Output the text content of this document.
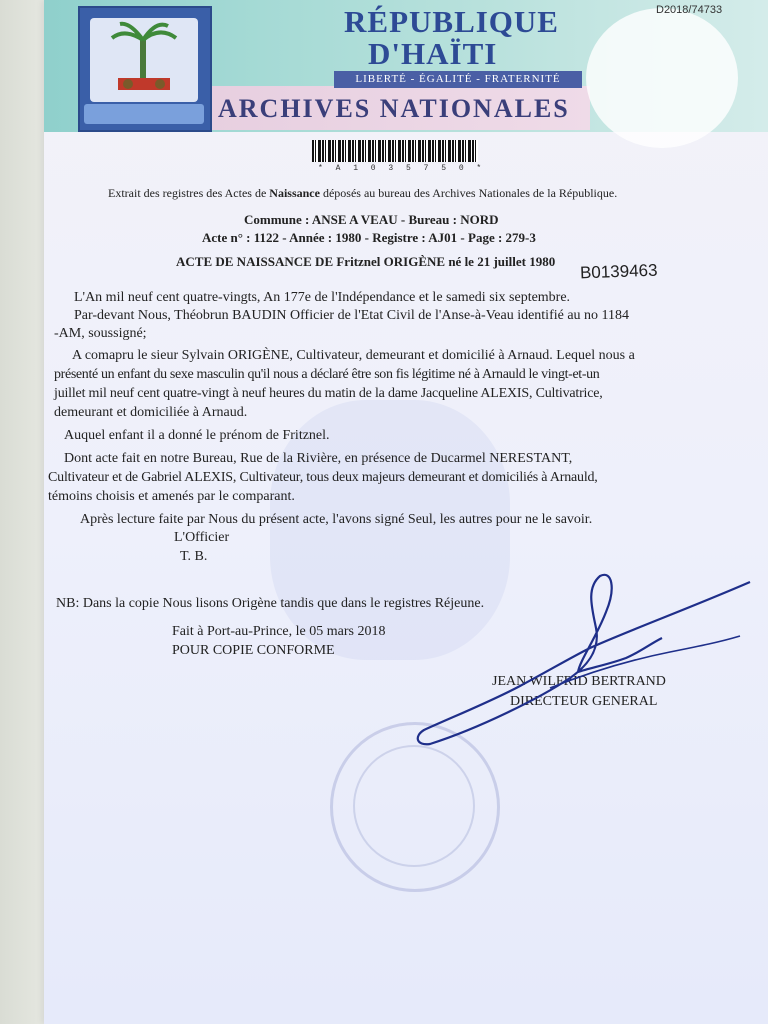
RÉPUBLIQUE
D'HAÏTI
LIBERTÉ - ÉGALITÉ - FRATERNITÉ
ARCHIVES NATIONALES
D2018/74733
* A 1 0 3 5 7 5 0 *
Extrait des registres des Actes de Naissance déposés au bureau des Archives Nationales de la République.
Commune : ANSE A VEAU - Bureau : NORD
Acte n° : 1122 - Année : 1980 - Registre : AJ01 - Page : 279-3
ACTE DE NAISSANCE DE Fritznel ORIGÈNE né le 21 juillet 1980 B0139463
L'An mil neuf cent quatre-vingts, An 177e de l'Indépendance et le samedi six septembre.
Par-devant Nous, Théobrun BAUDIN Officier de l'Etat Civil de l'Anse-à-Veau identifié au no 1184
-AM, soussigné;
A comapru le sieur Sylvain ORIGÈNE, Cultivateur, demeurant et domicilié à Arnaud. Lequel nous a
présenté un enfant du sexe masculin qu'il nous a déclaré être son fis légitime né à Arnauld le vingt-et-un
juillet mil neuf cent quatre-vingt à neuf heures du matin de la dame Jacqueline ALEXIS, Cultivatrice,
demeurant et domiciliée à Arnaud.
Auquel enfant il a donné le prénom de Fritznel.
Dont acte fait en notre Bureau, Rue de la Rivière, en présence de Ducarmel NERESTANT,
Cultivateur et de Gabriel ALEXIS, Cultivateur, tous deux majeurs demeurant et domiciliés à Arnauld,
témoins choisis et amenés par le comparant.
Après lecture faite par Nous du présent acte, l'avons signé Seul, les autres pour ne le savoir.
L'Officier
T. B.
NB: Dans la copie Nous lisons Origène tandis que dans le registres Réjeune.
Fait à Port-au-Prince, le 05 mars 2018
POUR COPIE CONFORME
JEAN WILFRID BERTRAND
DIRECTEUR GENERAL
